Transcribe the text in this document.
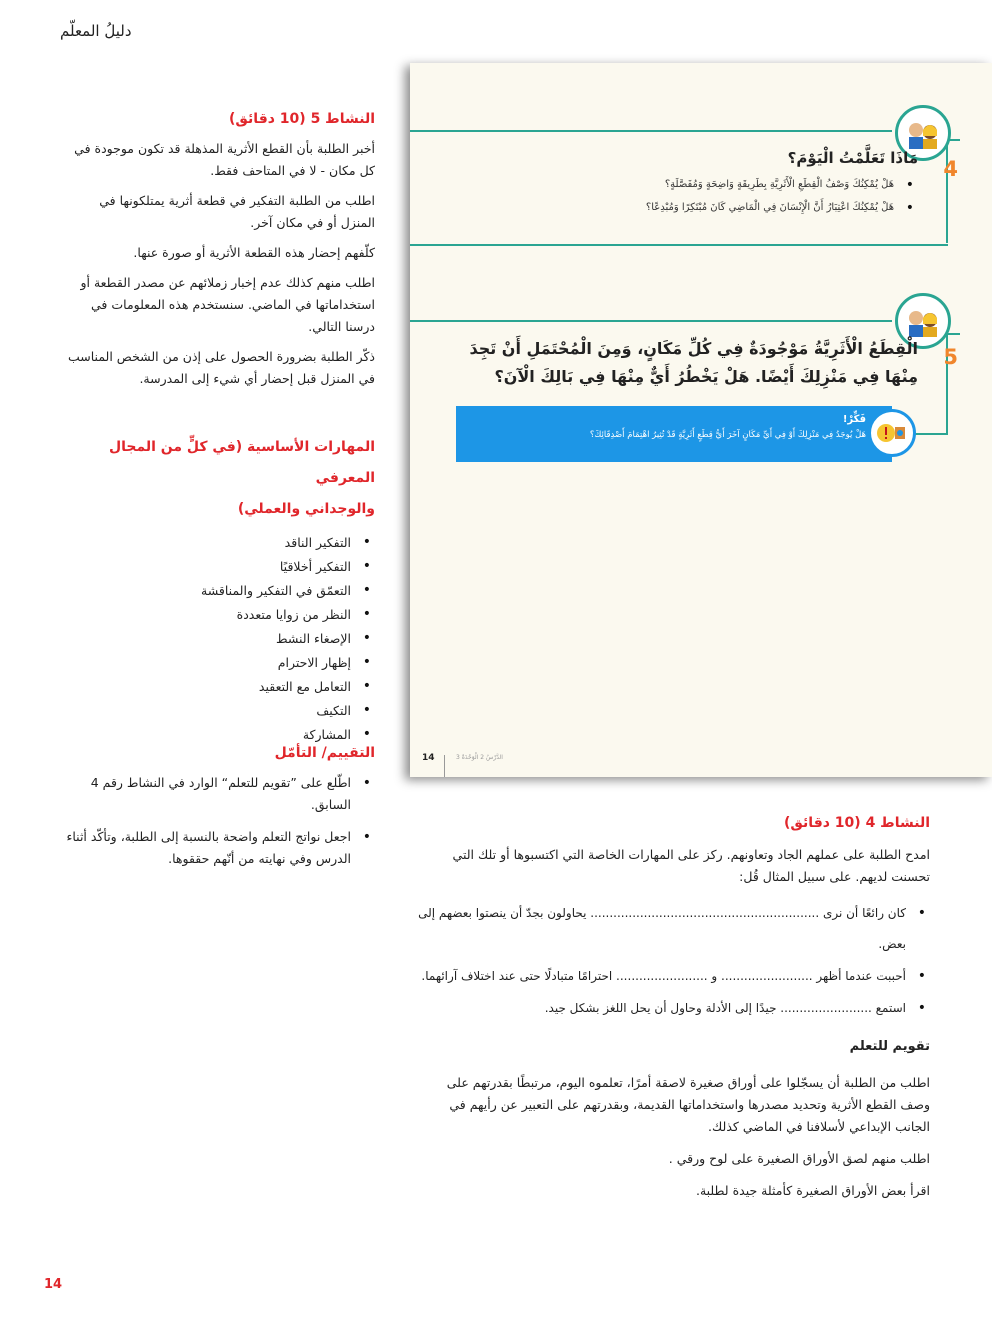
دليلُ المعلّم
النشاط 5 (10 دقائق)

أخبر الطلبة بأن القطع الأثرية المذهلة قد تكون موجودة في كل مكان - لا في المتاحف فقط.

اطلب من الطلبة التفكير في قطعة أثرية يمتلكونها في المنزل أو في مكان آخر.

كلّفهم إحضار هذه القطعة الأثرية أو صورة عنها.

اطلب منهم كذلك عدم إخبار زملائهم عن مصدر القطعة أو استخداماتها في الماضي. سنستخدم هذه المعلومات في درسنا التالي.

ذكّر الطلبة بضرورة الحصول على إذن من الشخص المناسب في المنزل قبل إحضار أي شيء إلى المدرسة.

المهارات الأساسية (في كلٍّ من المجال المعرفي
والوجداني والعملي)
• التفكير الناقد
• التفكير أخلاقيًا
• التعمّق في التفكير والمناقشة
• النظر من زوايا متعددة
• الإصغاء النشط
• إظهار الاحترام
• التعامل مع التعقيد
• التكيف
• المشاركة
التقييم/ التأمّل
• اطّلع على ”تقويم للتعلم“ الوارد في النشاط رقم 4 السابق.
• اجعل نواتج التعلم واضحة بالنسبة إلى الطلبة، وتأكّد أثناء الدرس وفي نهايته من أنّهم حققوها.
4
مَاذَا تَعَلَّمْتُ الْيَوْمَ؟
• هَلْ يُمْكِنُكَ وَصْفُ الْقِطَعِ الْأَثَرِيَّةِ بِطَرِيقَةٍ وَاضِحَةٍ وَمُفَصَّلَةٍ؟
• هَلْ يُمْكِنُكَ اعْتِبَارُ أَنَّ الْإِنْسَانَ فِي الْمَاضِي كَانَ مُبْتَكِرًا وَمُبْدِعًا؟
5
الْقِطَعُ الْأَثَرِيَّةُ مَوْجُودَةٌ فِي كُلِّ مَكَانٍ، وَمِنَ الْمُحْتَمَلِ أَنْ تَجِدَ مِنْهَا فِي مَنْزِلِكَ أَيْضًا. هَلْ يَخْطُرُ أَيٌّ مِنْهَا فِي بَالِكَ الْآنَ؟
فَكِّرْ!
هَلْ يُوجَدُ فِي مَنْزِلِكَ أَوْ فِي أَيِّ مَكَانٍ آخَرَ أَيُّ قِطَعٍ أَثَرِيَّةٍ قَدْ تُثِيرُ اهْتِمَامَ أَصْدِقَائِكَ؟
14	الدَّرْسُ 2 الْوَحْدَةُ 3
النشاط 4 (10 دقائق)

امدح الطلبة على عملهم الجاد وتعاونهم. ركز على المهارات الخاصة التي اكتسبوها أو تلك التي تحسنت لديهم. على سبيل المثال قُل:

• كان رائعًا أن نرى ............................................................ يحاولون بجدّ أن ينصتوا بعضهم إلى بعض.
• أحببت عندما أظهر ........................ و ........................ احترامًا متبادلًا حتى عند اختلاف آرائهما.
• استمع ........................ جيدًا إلى الأدلة وحاول أن يحل اللغز بشكل جيد.
تقويم للتعلم

اطلب من الطلبة أن يسجّلوا على أوراق صغيرة لاصقة أمرًا، تعلموه اليوم، مرتبطًا بقدرتهم على وصف القطع الأثرية وتحديد مصدرها واستخداماتها القديمة، وبقدرتهم على التعبير عن رأيهم في الجانب الإبداعي لأسلافنا في الماضي كذلك.

اطلب منهم لصق الأوراق الصغيرة على لوح ورقي .

اقرأ بعض الأوراق الصغيرة كأمثلة جيدة لطلبة.

14
